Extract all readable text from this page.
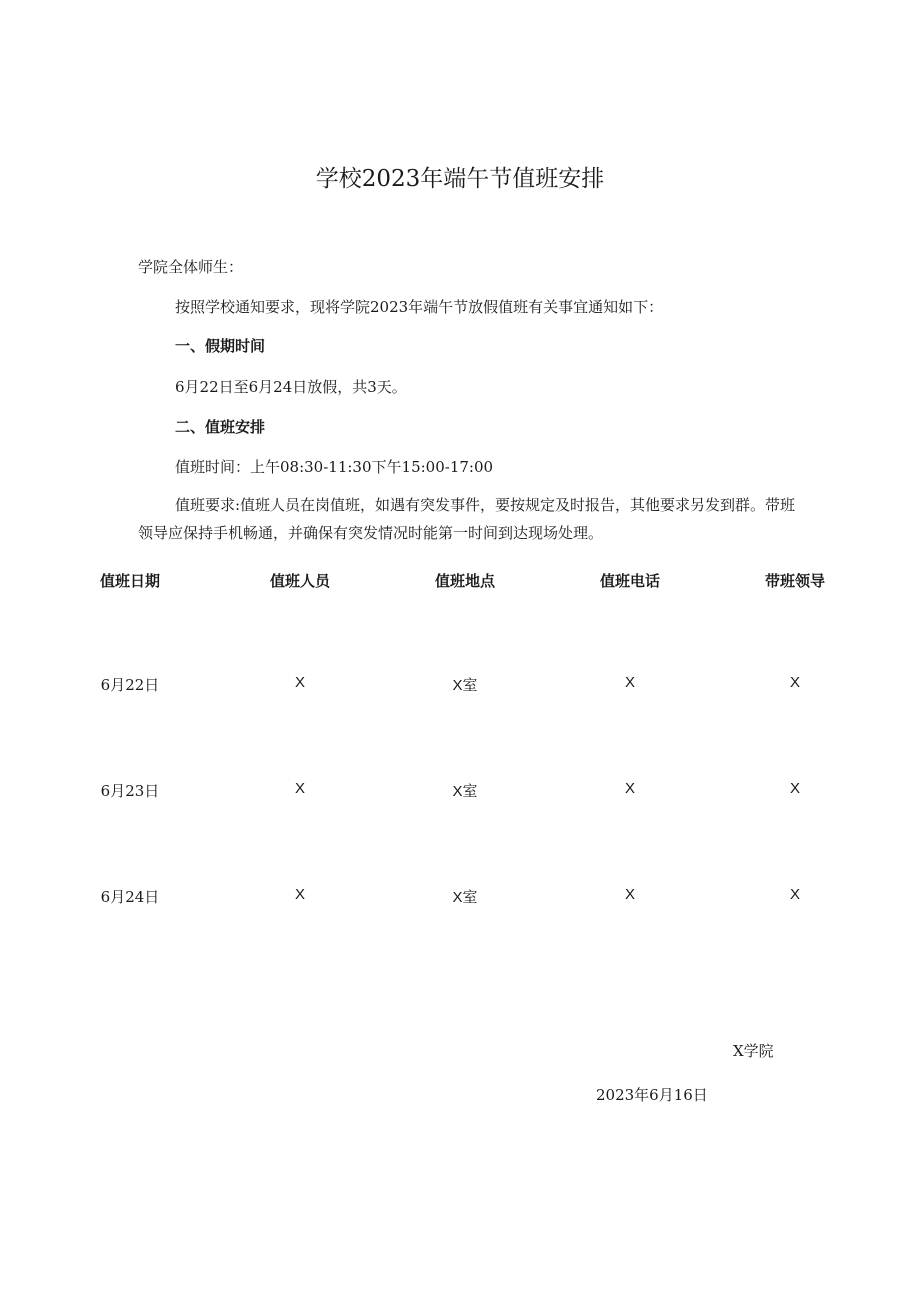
学校2023年端午节值班安排

学院全体师生：

按照学校通知要求，现将学院2023年端午节放假值班有关事宜通知如下：

一、假期时间

6月22日至6月24日放假，共3天。

二、值班安排

值班时间：上午08:30-11:30下午15:00-17:00

值班要求:值班人员在岗值班，如遇有突发事件，要按规定及时报告，其他要求另发到群。带班

领导应保持手机畅通，并确保有突发情况时能第一时间到达现场处理。

值班日期	值班人员	值班地点	值班电话	带班领导
6月22日	X	X室	X	X
6月23日	X	X室	X	X
6月24日	X	X室	X	X
X学院
2023年6月16日
